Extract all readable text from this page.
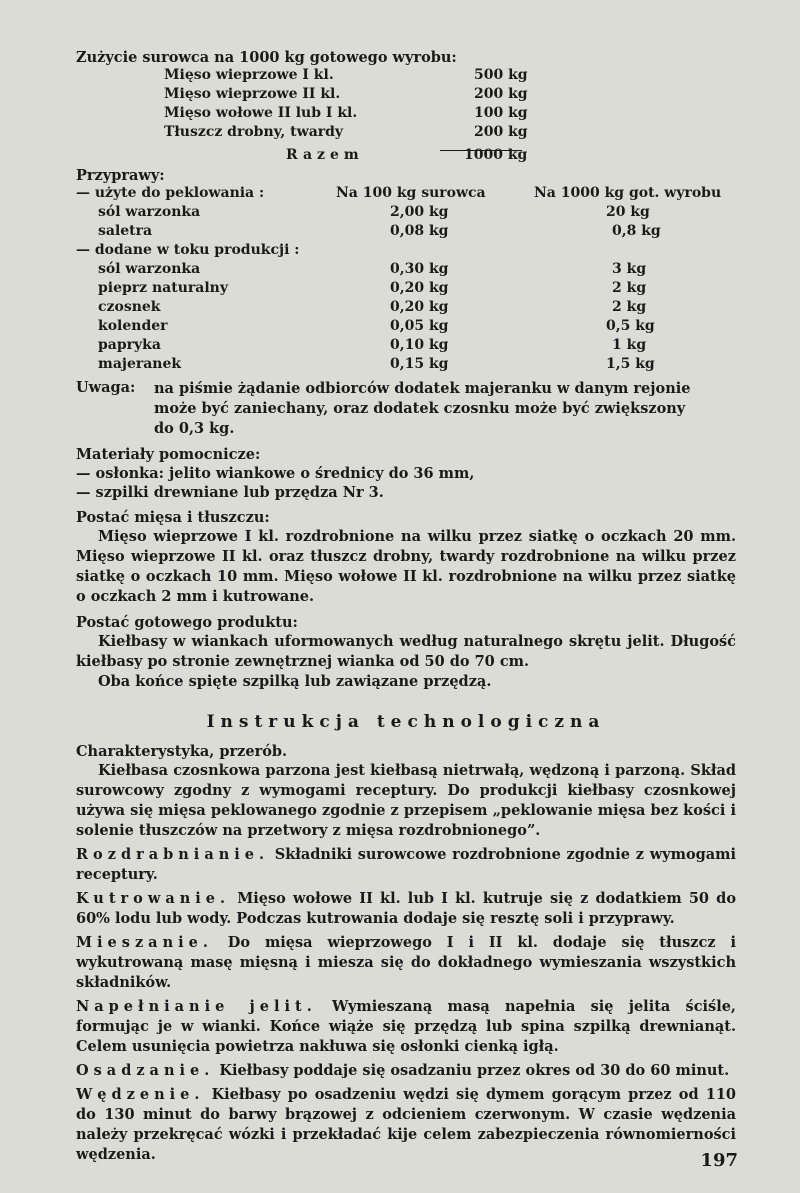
Zużycie surowca na 1000 kg gotowego wyrobu:
Mięso wieprzowe I kl.	500 kg
Mięso wieprzowe II kl.	200 kg
Mięso wołowe II lub I kl.	100 kg
Tłuszcz drobny, twardy	200 kg
Razem	1000 kg
Przyprawy:
— użyte do peklowania :	Na 100 kg surowca	Na 1000 kg got. wyrobu
sól warzonka	2,00 kg	20 kg
saletra	0,08 kg	0,8 kg
— dodane w toku produkcji :
sól warzonka	0,30 kg	3 kg
pieprz naturalny	0,20 kg	2 kg
czosnek	0,20 kg	2 kg
kolender	0,05 kg	0,5 kg
papryka	0,10 kg	1 kg
majeranek	0,15 kg	1,5 kg
Uwaga: na piśmie żądanie odbiorców dodatek majeranku w danym rejonie
może być zaniechany, oraz dodatek czosnku może być zwiększony
do 0,3 kg.
Materiały pomocnicze:
— osłonka: jelito wiankowe o średnicy do 36 mm,
— szpilki drewniane lub przędza Nr 3.
Postać mięsa i tłuszczu:

Mięso wieprzowe I kl. rozdrobnione na wilku przez siatkę o oczkach 20 mm. Mięso wieprzowe II kl. oraz tłuszcz drobny, twardy rozdrobnione na wilku przez siatkę o oczkach 10 mm. Mięso wołowe II kl. rozdrobnione na wilku przez siatkę o oczkach 2 mm i kutrowane.

Postać gotowego produktu:

Kiełbasy w wiankach uformowanych według naturalnego skrętu jelit. Długość kiełbasy po stronie zewnętrznej wianka od 50 do 70 cm.

Oba końce spięte szpilką lub zawiązane przędzą.

Instrukcja technologiczna
Charakterystyka, przerób.

Kiełbasa czosnkowa parzona jest kiełbasą nietrwałą, wędzoną i parzoną. Skład surowcowy zgodny z wymogami receptury. Do produkcji kiełbasy czosnkowej używa się mięsa peklowanego zgodnie z przepisem „peklowanie mięsa bez kości i solenie tłuszczów na przetwory z mięsa rozdrobnionego”.

Rozdrabnianie. Składniki surowcowe rozdrobnione zgodnie z wymogami receptury.

Kutrowanie. Mięso wołowe II kl. lub I kl. kutruje się z dodatkiem 50 do 60% lodu lub wody. Podczas kutrowania dodaje się resztę soli i przyprawy.

Mieszanie. Do mięsa wieprzowego I i II kl. dodaje się tłuszcz i wykutrowaną masę mięsną i miesza się do dokładnego wymieszania wszystkich składników.

Napełnianie jelit. Wymieszaną masą napełnia się jelita ściśle, formując je w wianki. Końce wiąże się przędzą lub spina szpilką drewnianąt. Celem usunięcia powietrza nakłuwa się osłonki cienką igłą.

Osadzanie. Kiełbasy poddaje się osadzaniu przez okres od 30 do 60 minut.

Wędzenie. Kiełbasy po osadzeniu wędzi się dymem gorącym przez od 110 do 130 minut do barwy brązowej z odcieniem czerwonym. W czasie wędzenia należy przekręcać wózki i przekładać kije celem zabezpieczenia równomierności wędzenia.	197
